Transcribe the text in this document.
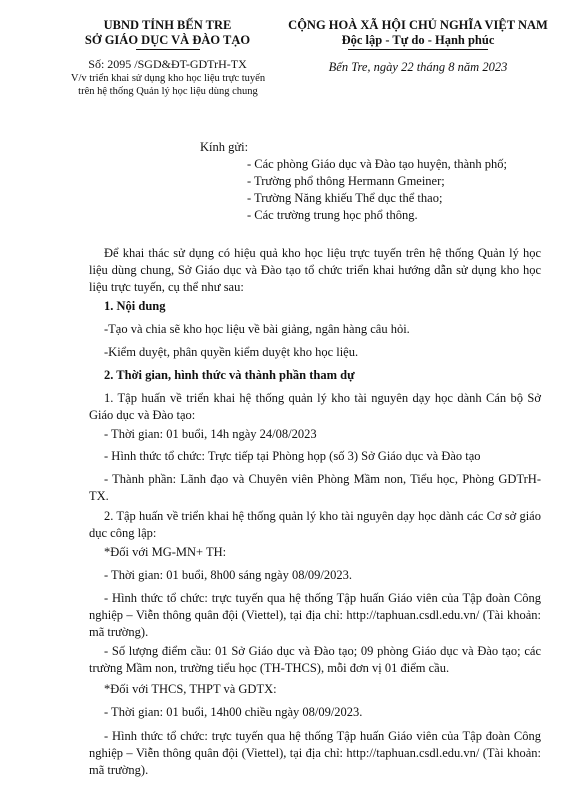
UBND TỈNH BẾN TRE
SỞ GIÁO DỤC VÀ ĐÀO TẠO
CỘNG HOÀ XÃ HỘI CHỦ NGHĨA VIỆT NAM
Độc lập - Tự do - Hạnh phúc
Số: 2095 /SGD&ĐT-GDTrH-TX
V/v triển khai sử dụng kho học liệu trực tuyến trên hệ thống Quản lý học liệu dùng chung
Bến Tre, ngày 22 tháng 8 năm 2023
Kính gửi:
- Các phòng Giáo dục và Đào tạo huyện, thành phố;
- Trường phổ thông Hermann Gmeiner;
- Trường Năng khiếu Thể dục thể thao;
- Các trường trung học phổ thông.
Để khai thác sử dụng có hiệu quả kho học liệu trực tuyến trên hệ thống Quản lý học liệu dùng chung, Sở Giáo dục và Đào tạo tổ chức triển khai hướng dẫn sử dụng kho học liệu trực tuyến, cụ thể như sau:
1. Nội dung
-Tạo và chia sẽ kho học liệu về bài giảng, ngân hàng câu hỏi.
-Kiểm duyệt, phân quyền kiểm duyệt kho học liệu.
2. Thời gian, hình thức và thành phần tham dự
1. Tập huấn về triển khai hệ thống quản lý kho tài nguyên dạy học dành Cán bộ Sở Giáo dục và Đào tạo:
- Thời gian: 01 buổi, 14h ngày 24/08/2023
- Hình thức tổ chức: Trực tiếp tại Phòng họp (số 3) Sở Giáo dục và Đào tạo
- Thành phần: Lãnh đạo và Chuyên viên Phòng Mầm non, Tiểu học, Phòng GDTrH-TX.
2. Tập huấn về triển khai hệ thống quản lý kho tài nguyên dạy học dành các Cơ sở giáo dục công lập:
*Đối với MG-MN+ TH:
- Thời gian: 01 buổi, 8h00 sáng ngày 08/09/2023.
- Hình thức tổ chức: trực tuyến qua hệ thống Tập huấn Giáo viên của Tập đoàn Công nghiệp – Viễn thông quân đội (Viettel), tại địa chỉ: http://taphuan.csdl.edu.vn/ (Tài khoản: mã trường).
- Số lượng điểm cầu: 01 Sở Giáo dục và Đào tạo; 09 phòng Giáo dục và Đào tạo; các trường Mầm non, trường tiểu học (TH-THCS), mỗi đơn vị 01 điểm cầu.
*Đối với THCS, THPT và GDTX:
- Thời gian: 01 buổi, 14h00 chiều ngày 08/09/2023.
- Hình thức tổ chức: trực tuyến qua hệ thống Tập huấn Giáo viên của Tập đoàn Công nghiệp – Viễn thông quân đội (Viettel), tại địa chỉ: http://taphuan.csdl.edu.vn/ (Tài khoản: mã trường).
